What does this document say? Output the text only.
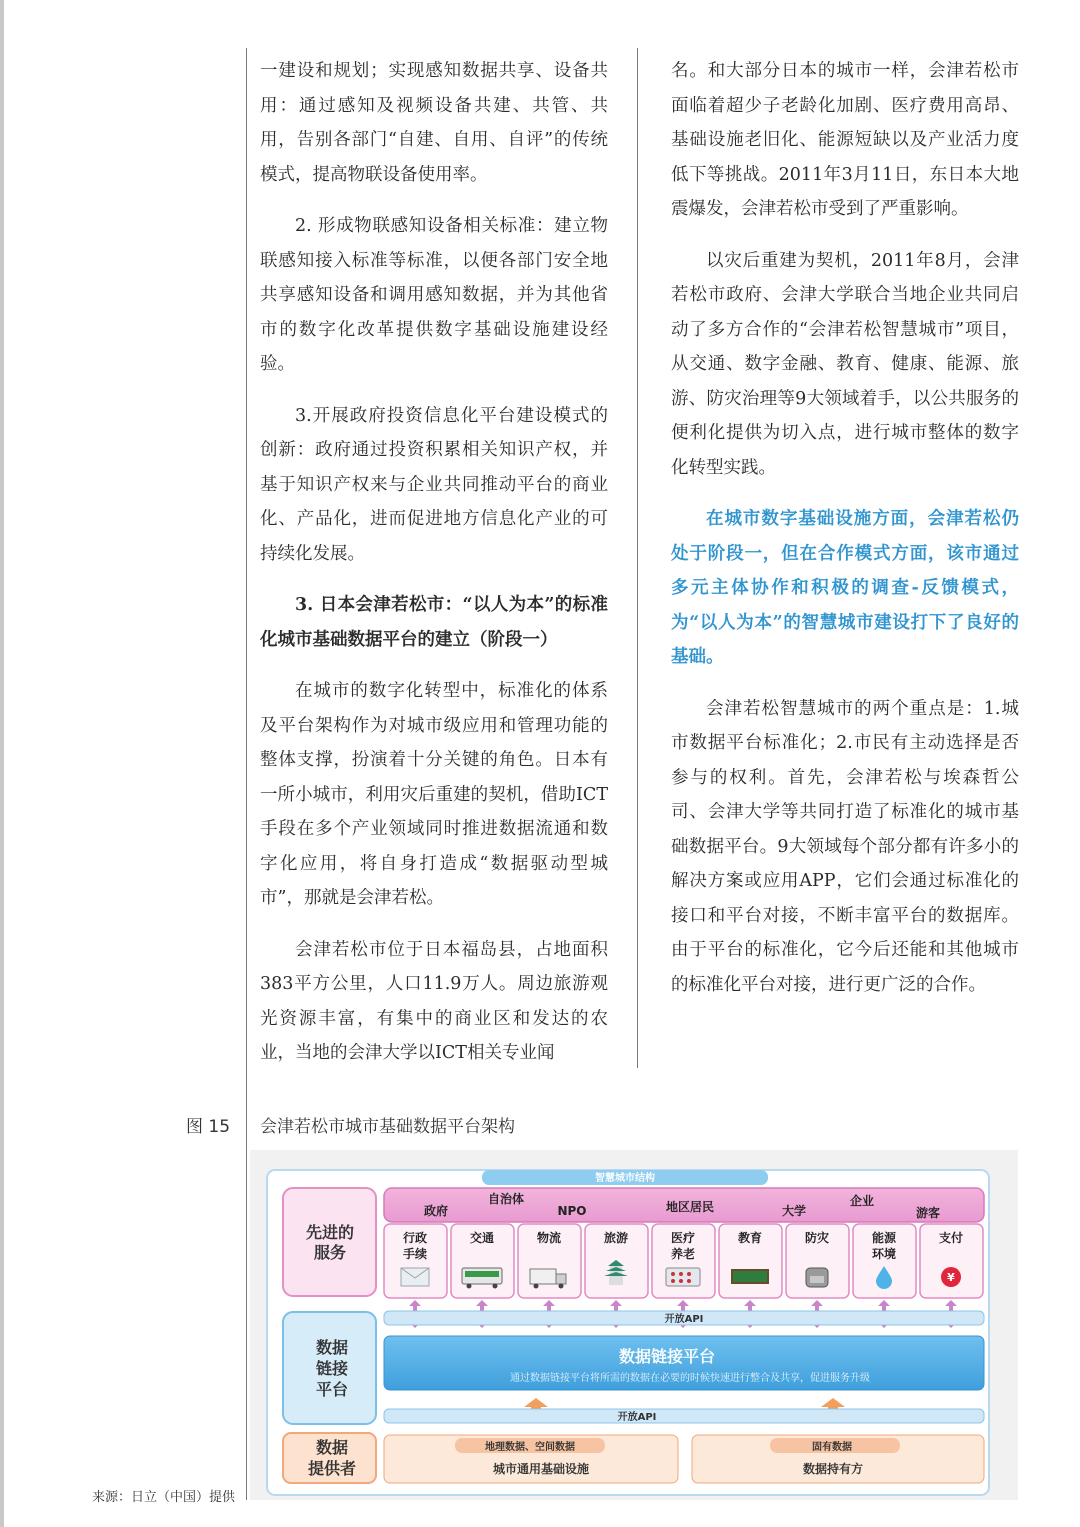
一建设和规划；实现感知数据共享、设备共用：通过感知及视频设备共建、共管、共用，告别各部门“自建、自用、自评”的传统模式，提高物联设备使用率。

2. 形成物联感知设备相关标准：建立物联感知接入标准等标准，以便各部门安全地共享感知设备和调用感知数据，并为其他省市的数字化改革提供数字基础设施建设经验。

3.开展政府投资信息化平台建设模式的创新：政府通过投资积累相关知识产权，并基于知识产权来与企业共同推动平台的商业化、产品化，进而促进地方信息化产业的可持续化发展。

3. 日本会津若松市：“以人为本”的标准化城市基础数据平台的建立（阶段一）

在城市的数字化转型中，标准化的体系及平台架构作为对城市级应用和管理功能的整体支撑，扮演着十分关键的角色。日本有一所小城市，利用灾后重建的契机，借助ICT手段在多个产业领域同时推进数据流通和数字化应用，将自身打造成“数据驱动型城市”，那就是会津若松。

会津若松市位于日本福岛县，占地面积383平方公里，人口11.9万人。周边旅游观光资源丰富，有集中的商业区和发达的农业，当地的会津大学以ICT相关专业闻

名。和大部分日本的城市一样，会津若松市面临着超少子老龄化加剧、医疗费用高昂、基础设施老旧化、能源短缺以及产业活力度低下等挑战。2011年3月11日，东日本大地震爆发，会津若松市受到了严重影响。

以灾后重建为契机，2011年8月，会津若松市政府、会津大学联合当地企业共同启动了多方合作的“会津若松智慧城市”项目，从交通、数字金融、教育、健康、能源、旅游、防灾治理等9大领域着手，以公共服务的便利化提供为切入点，进行城市整体的数字化转型实践。

在城市数字基础设施方面，会津若松仍处于阶段一，但在合作模式方面，该市通过多元主体协作和积极的调查-反馈模式，为“以人为本”的智慧城市建设打下了良好的基础。

会津若松智慧城市的两个重点是：1.城市数据平台标准化；2.市民有主动选择是否参与的权利。首先，会津若松与埃森哲公司、会津大学等共同打造了标准化的城市基础数据平台。9大领域每个部分都有许多小的解决方案或应用APP，它们会通过标准化的接口和平台对接，不断丰富平台的数据库。由于平台的标准化，它今后还能和其他城市的标准化平台对接，进行更广泛的合作。

图 15 会津若松市城市基础数据平台架构
智慧城市结构
先进的
服务
数据
链接
平台
数据
提供者
政府
自治体
NPO	地区居民	大学
企业
游客
行政
手续
交通	物流	旅游	医疗
养老
教育	防灾	能源
环境
支付
¥
开放API
数据链接平台
通过数据链接平台将所需的数据在必要的时候快速进行整合及共享，促进服务升级
开放API
地理数据、空间数据
城市通用基础设施
固有数据
数据持有方
来源：日立（中国）提供
